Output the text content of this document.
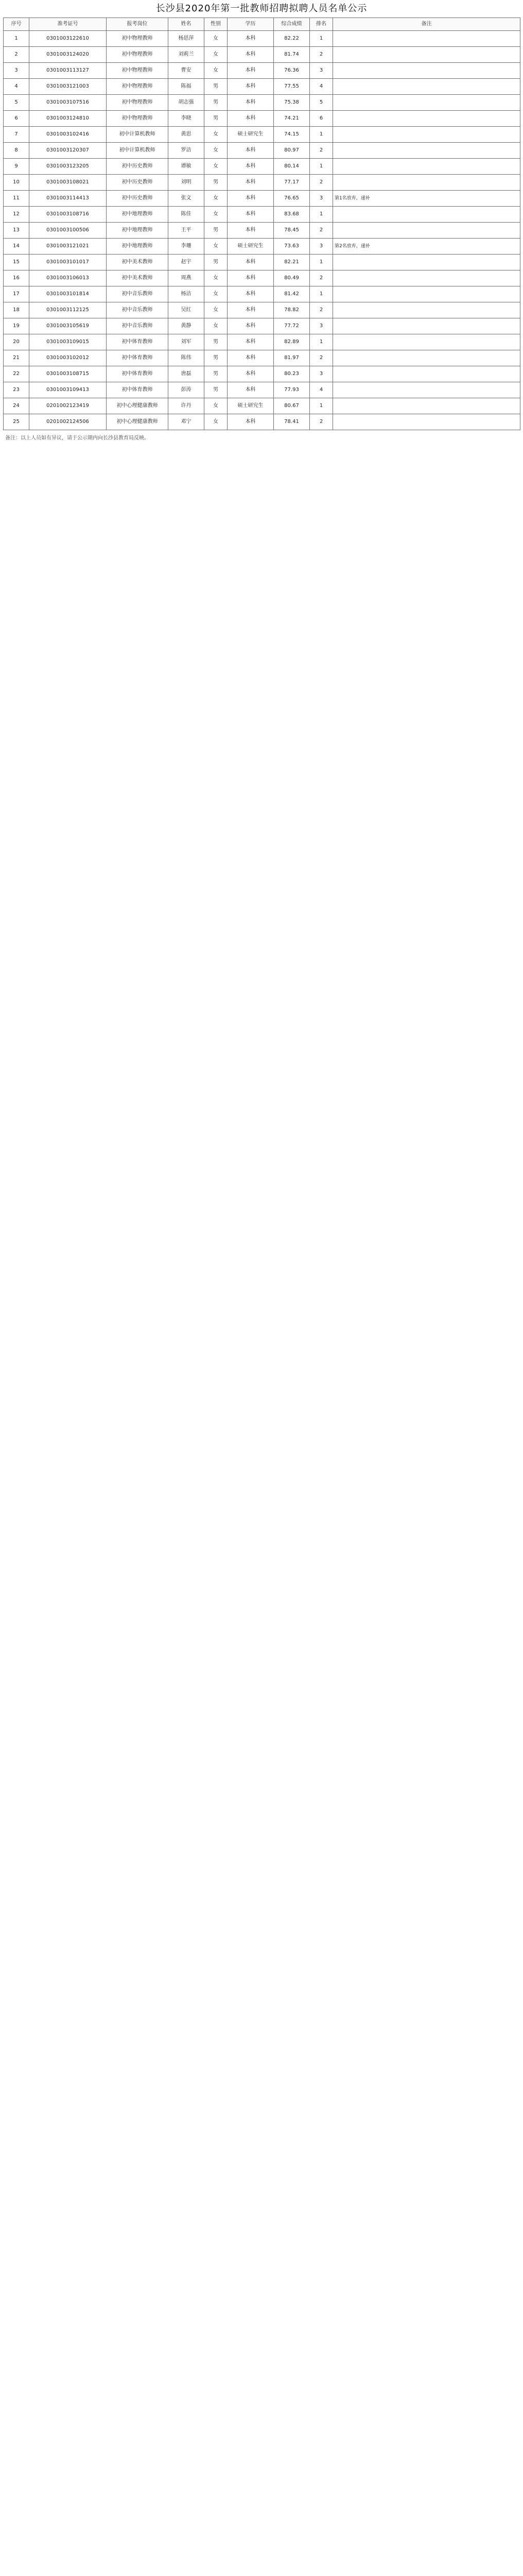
长沙县2020年第一批教师招聘拟聘人员名单公示
序号	准考证号	报考岗位	姓名	性别	学历	综合成绩	排名	备注
1	0301003122610	初中物理教师	杨思萍	女	本科	82.22	1	
2	0301003124020	初中物理教师	刘莉兰	女	本科	81.74	2	
3	0301003113127	初中物理教师	曹安	女	本科	76.36	3	
4	0301003121003	初中物理教师	陈福	男	本科	77.55	4	
5	0301003107516	初中物理教师	胡志强	男	本科	75.38	5	
6	0301003124810	初中物理教师	李晓	男	本科	74.21	6	
7	0301003102416	初中计算机教师	黄思	女	硕士研究生	74.15	1	
8	0301003120307	初中计算机教师	罗洁	女	本科	80.97	2	
9	0301003123205	初中历史教师	谭敏	女	本科	80.14	1	
10	0301003108021	初中历史教师	刘明	男	本科	77.17	2	
11	0301003114413	初中历史教师	张文	女	本科	76.65	3	第1名放弃，递补
12	0301003108716	初中地理教师	陈佳	女	本科	83.68	1	
13	0301003100506	初中地理教师	王平	男	本科	78.45	2	
14	0301003121021	初中地理教师	李珊	女	硕士研究生	73.63	3	第2名放弃，递补
15	0301003101017	初中美术教师	赵宇	男	本科	82.21	1	
16	0301003106013	初中美术教师	周燕	女	本科	80.49	2	
17	0301003101814	初中音乐教师	杨洁	女	本科	81.42	1	
18	0301003112125	初中音乐教师	吴红	女	本科	78.82	2	
19	0301003105619	初中音乐教师	黄静	女	本科	77.72	3	
20	0301003109015	初中体育教师	刘军	男	本科	82.89	1	
21	0301003102012	初中体育教师	陈伟	男	本科	81.97	2	
22	0301003108715	初中体育教师	唐磊	男	本科	80.23	3	
23	0301003109413	初中体育教师	彭涛	男	本科	77.93	4	
24	0201002123419	初中心理健康教师	许丹	女	硕士研究生	80.67	1	
25	0201002124506	初中心理健康教师	邓宁	女	本科	78.41	2	
备注：以上人员如有异议，请于公示期内向长沙县教育局反映。
